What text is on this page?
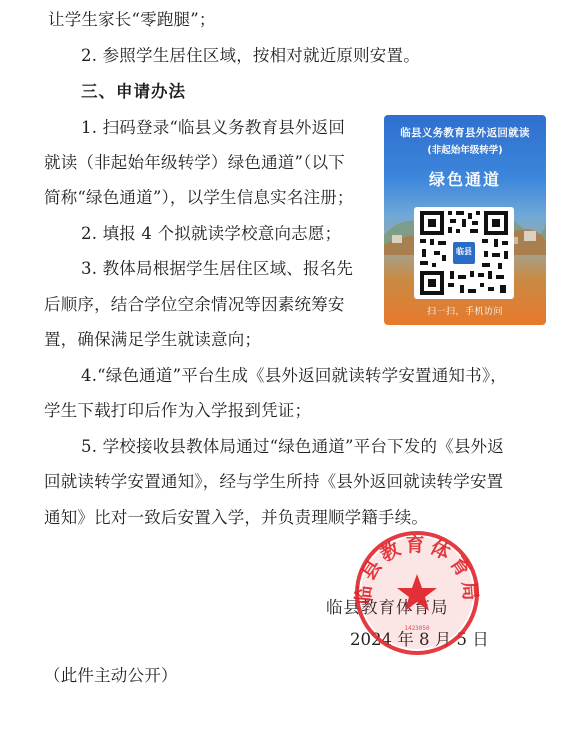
让学生家长“零跑腿”；
2. 参照学生居住区域，按相对就近原则安置。
三、申请办法
1. 扫码登录“临县义务教育县外返回
就读（非起始年级转学）绿色通道”（以下
简称“绿色通道”），以学生信息实名注册；
2. 填报 4 个拟就读学校意向志愿；
3. 教体局根据学生居住区域、报名先
后顺序，结合学位空余情况等因素统筹安
置，确保满足学生就读意向；
4.“绿色通道”平台生成《县外返回就读转学安置通知书》，
学生下载打印后作为入学报到凭证；
5. 学校接收县教体局通过“绿色通道”平台下发的《县外返
回就读转学安置通知》，经与学生所持《县外返回就读转学安置
通知》比对一致后安置入学，并负责理顺学籍手续。
临县义务教育县外返回就读
(非起始年级转学)
绿色通道
临县
扫一扫，手机访问
临县教育体育局
2024 年 8 月 5 日
临县教育体育局
1423050
（此件主动公开）
